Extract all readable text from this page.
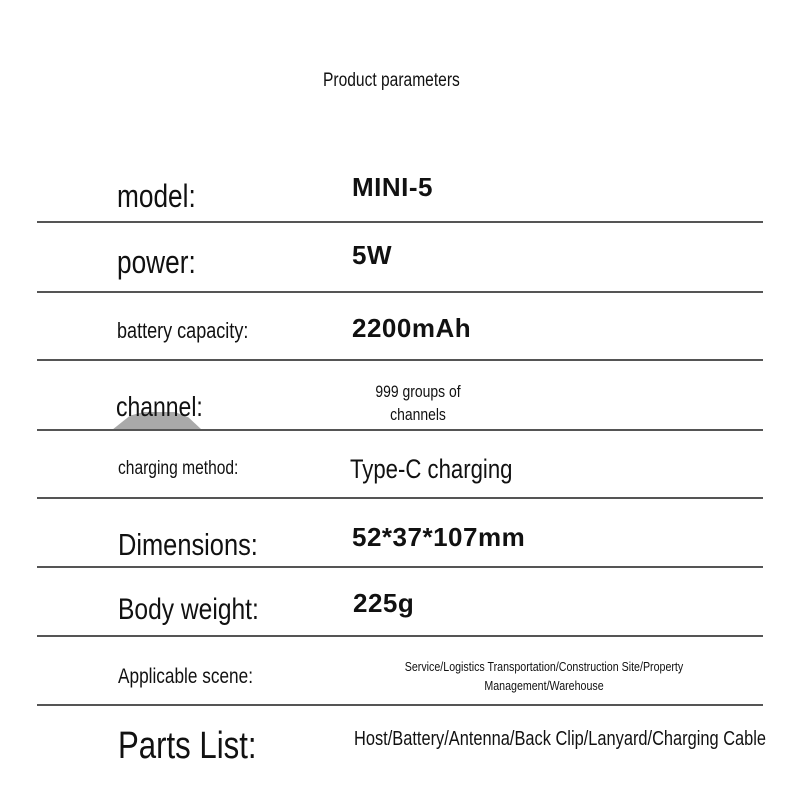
Product parameters
model:	MINI-5
power:	5W
battery capacity:	2200mAh
channel:	999 groups of
channels
charging method:	Type-C charging
Dimensions:	52*37*107mm
Body weight:	225g
Applicable scene:	Service/Logistics Transportation/Construction Site/Property
Management/Warehouse
Parts List:	Host/Battery/Antenna/Back Clip/Lanyard/Charging Cable
